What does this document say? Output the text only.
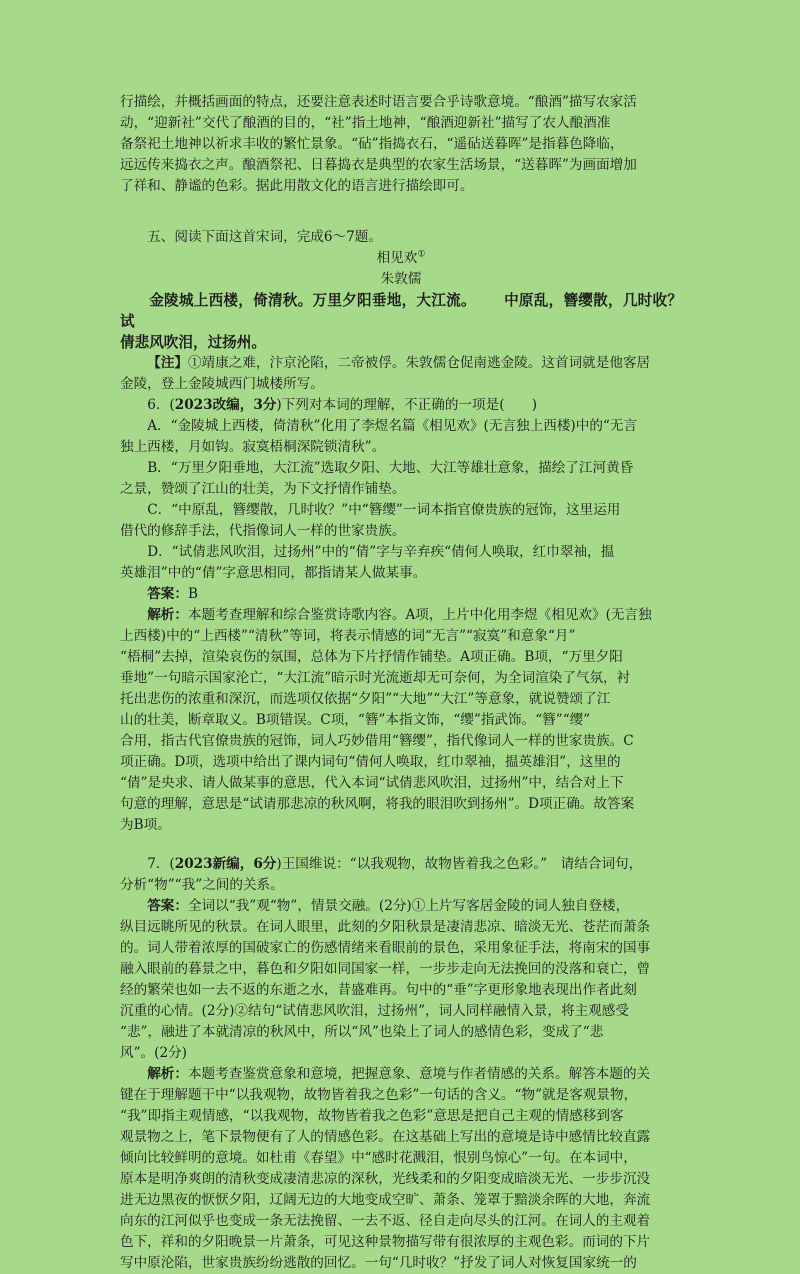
行描绘，并概括画面的特点，还要注意表述时语言要合乎诗歌意境。“酿酒”描写农家活

动，“迎新社”交代了酿酒的目的，“社”指土地神，“酿酒迎新社”描写了农人酿酒准

备祭祀土地神以祈求丰收的繁忙景象。“砧”指捣衣石，“遥砧送暮晖”是指暮色降临，

远远传来捣衣之声。酿酒祭祀、日暮捣衣是典型的农家生活场景，“送暮晖”为画面增加

了祥和、静谧的色彩。据此用散文化的语言进行描绘即可。

五、阅读下面这首宋词，完成6～7题。

相见欢①

朱敦儒

金陵城上西楼，倚清秋。万里夕阳垂地，大江流。 中原乱，簪缨散，几时收？试

倩悲风吹泪，过扬州。

【注】①靖康之难，汴京沦陷，二帝被俘。朱敦儒仓促南逃金陵。这首词就是他客居

金陵，登上金陵城西门城楼所写。

6．(2023改编，3分)下列对本词的理解，不正确的一项是(　　)

A．“金陵城上西楼，倚清秋”化用了李煜名篇《相见欢》(无言独上西楼)中的“无言

独上西楼，月如钩。寂寞梧桐深院锁清秋”。

B．“万里夕阳垂地，大江流”选取夕阳、大地、大江等雄壮意象，描绘了江河黄昏

之景，赞颂了江山的壮美，为下文抒情作铺垫。

C．“中原乱，簪缨散，几时收？”中“簪缨”一词本指官僚贵族的冠饰，这里运用

借代的修辞手法，代指像词人一样的世家贵族。

D．“试倩悲风吹泪，过扬州”中的“倩”字与辛弃疾“倩何人唤取，红巾翠袖，揾

英雄泪”中的“倩”字意思相同，都指请某人做某事。

答案：B

解析：本题考查理解和综合鉴赏诗歌内容。A项，上片中化用李煜《相见欢》(无言独

上西楼)中的“上西楼”“清秋”等词，将表示情感的词“无言”“寂寞”和意象“月”

“梧桐”去掉，渲染哀伤的氛围，总体为下片抒情作铺垫。A项正确。B项，“万里夕阳

垂地”一句暗示国家沦亡，“大江流”暗示时光流逝却无可奈何，为全词渲染了气氛，衬

托出悲伤的浓重和深沉，而选项仅依据“夕阳”“大地”“大江”等意象，就说赞颂了江

山的壮美，断章取义。B项错误。C项，“簪”本指文饰，“缨”指武饰。“簪”“缨”

合用，指古代官僚贵族的冠饰，词人巧妙借用“簪缨”，指代像词人一样的世家贵族。C

项正确。D项，选项中给出了课内词句“倩何人唤取，红巾翠袖，揾英雄泪”，这里的

“倩”是央求、请人做某事的意思，代入本词“试倩悲风吹泪，过扬州”中，结合对上下

句意的理解，意思是“试请那悲凉的秋风啊，将我的眼泪吹到扬州”。D项正确。故答案

为B项。

7．(2023新编，6分)王国维说：“以我观物，故物皆着我之色彩。”　请结合词句，

分析“物”“我”之间的关系。

答案：全词以“我”观“物”，情景交融。(2分)①上片写客居金陵的词人独自登楼，

纵目远眺所见的秋景。在词人眼里，此刻的夕阳秋景是凄清悲凉、暗淡无光、苍茫而萧条

的。词人带着浓厚的国破家亡的伤感情绪来看眼前的景色，采用象征手法，将南宋的国事

融入眼前的暮景之中，暮色和夕阳如同国家一样，一步步走向无法挽回的没落和衰亡，曾

经的繁荣也如一去不返的东逝之水，昔盛难再。句中的“垂”字更形象地表现出作者此刻

沉重的心情。(2分)②结句“试倩悲风吹泪，过扬州”，词人同样融情入景，将主观感受

“悲”，融进了本就清凉的秋风中，所以“风”也染上了词人的感情色彩，变成了“悲

风”。(2分)

解析：本题考查鉴赏意象和意境，把握意象、意境与作者情感的关系。解答本题的关

键在于理解题干中“以我观物，故物皆着我之色彩”一句话的含义。“物”就是客观景物，

“我”即指主观情感，“以我观物，故物皆着我之色彩”意思是把自己主观的情感移到客

观景物之上，笔下景物便有了人的情感色彩。在这基础上写出的意境是诗中感情比较直露

倾向比较鲜明的意境。如杜甫《春望》中“感时花溅泪，恨别鸟惊心”一句。在本词中，

原本是明净爽朗的清秋变成凄清悲凉的深秋，光线柔和的夕阳变成暗淡无光、一步步沉没

进无边黑夜的恹恹夕阳，辽阔无边的大地变成空旷、萧条、笼罩于黯淡余晖的大地，奔流

向东的江河似乎也变成一条无法挽留、一去不返、径自走向尽头的江河。在词人的主观着

色下，祥和的夕阳晚景一片萧条，可见这种景物描写带有很浓厚的主观色彩。而词的下片

写中原沦陷，世家贵族纷纷逃散的回忆。一句“几时收？”抒发了词人对恢复国家统一的
